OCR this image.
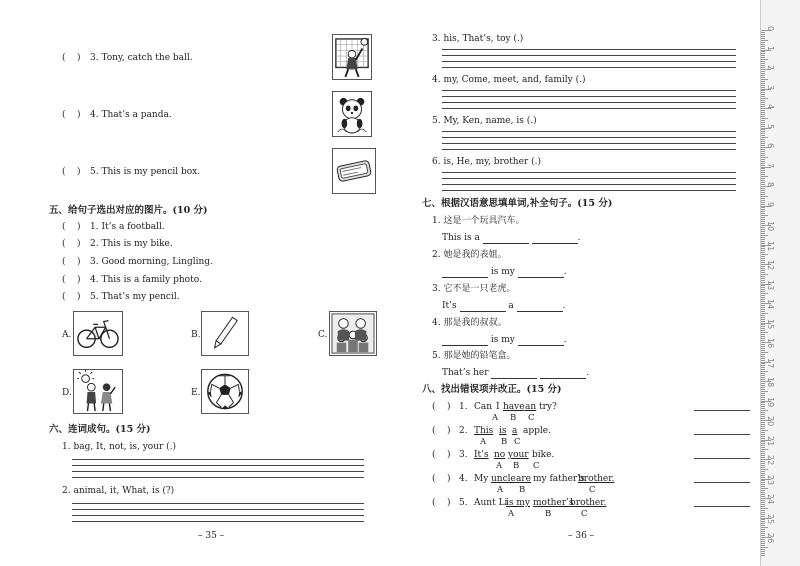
(    ) 3. Tony, catch the ball.
(    ) 4. That’s a panda.
(    ) 5. This is my pencil box.
五、给句子选出对应的图片。(10 分)
(    ) 1. It’s a football.
(    ) 2. This is my bike.
(    ) 3. Good morning, Lingling.
(    ) 4. This is a family photo.
(    ) 5. That’s my pencil.
A.	B.	C.
D.	E.
六、连词成句。(15 分)
1. bag, It, not, is, your (.)
2. animal, it, What, is (?)
– 35 –
3. his, That’s, toy (.)
4. my, Come, meet, and, family (.)
5. My, Ken, name, is (.)
6. is, He, my, brother (.)
七、根据汉语意思填单词,补全句子。(15 分)
1. 这是一个玩具汽车。
This is a	.
2. 她是我的表姐。
is my	.
3. 它不是一只老虎。
It’s	a	.
4. 那是我的叔叔。
is my	.
5. 那是她的铅笔盒。
That’s her	.
八、找出错误项并改正。(15 分)
(    ) 1. Can I have an try?
A B C
(    ) 2. This is a apple.
A B C
(    ) 3. It’s no your bike.
A B C
(    ) 4. My uncle are my father’s
brother.
A B	C
(    ) 5. Aunt Li
is my mother’s
brother.
A	B	C
– 36 –
0
1
2
3
4
5
6
7
8
9
10
11
12
13
14
15
16
17
18
19
20
21
22
23
24
25
26
